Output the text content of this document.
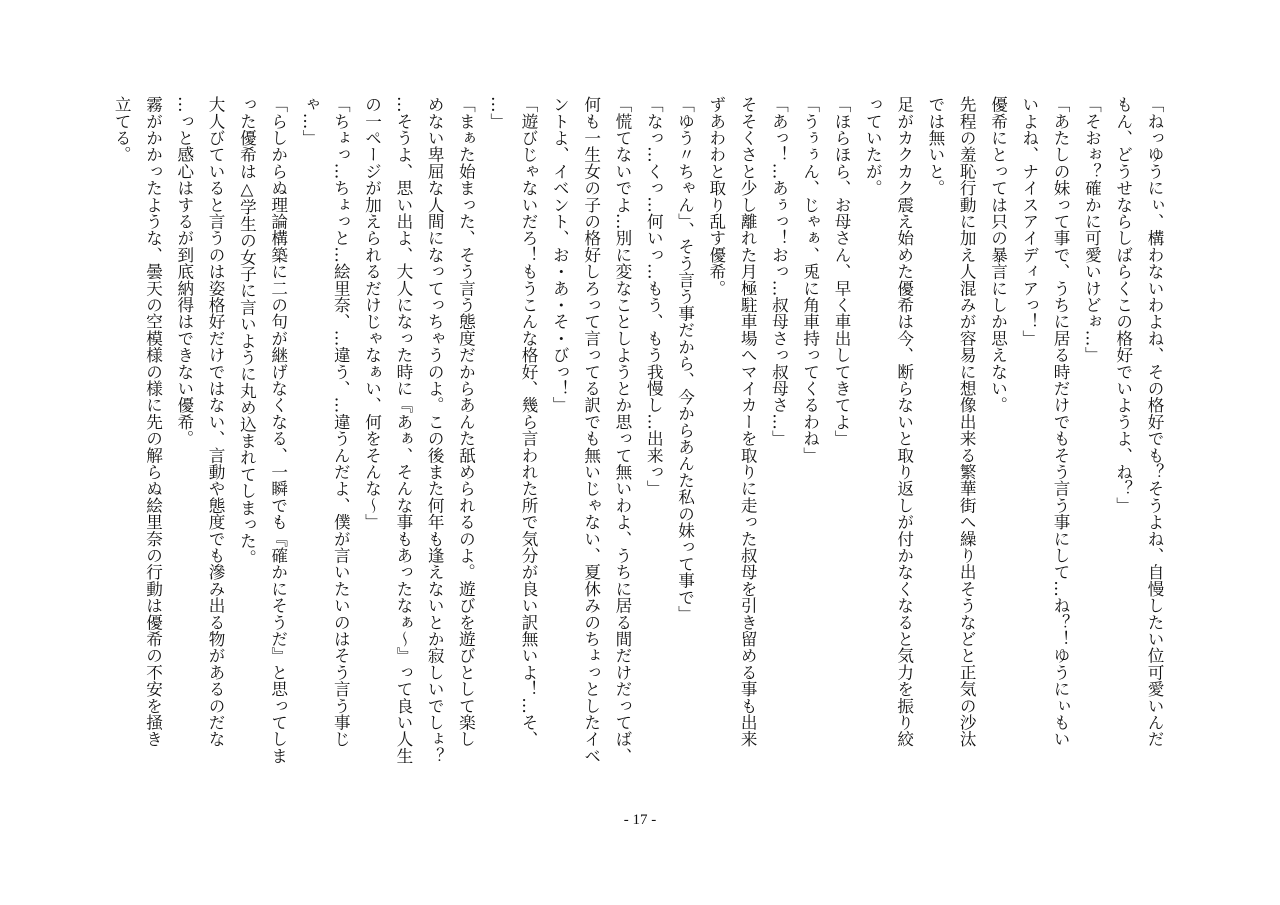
「ねっゆうにぃ、構わないわよね、その格好でも？そうよね、自慢したい位可愛いんだ
もん、どうせならしばらくこの格好でいようよ、ね？」
「そおぉ？確かに可愛いけどぉ…」
「あたしの妹って事で、うちに居る時だけでもそう言う事にして…ね？！ゆうにぃもい
いよね、ナイスアイディアっ！」
優希にとっては只の暴言にしか思えない。
先程の羞恥行動に加え人混みが容易に想像出来る繁華街へ繰り出そうなどと正気の沙汰
では無いと。
足がカクカク震え始めた優希は今、断らないと取り返しが付かなくなると気力を振り絞
っていたが。
「ほらほら、お母さん、早く車出してきてよ」
「うぅぅん、じゃぁ、兎に角車持ってくるわね」
「あっ！…あぅっ！おっ…叔母さっ叔母さ…」
そそくさと少し離れた月極駐車場へマイカーを取りに走った叔母を引き留める事も出来
ずあわわと取り乱す優希。
「ゆう〃ちゃん」、そう言う事だから、今からあんた私の妹って事で」
「なっ…くっ…何いっ…もう、もう我慢し…出来っ」
「慌てないでよ…別に変なことしようとか思って無いわよ、うちに居る間だけだってば、
何も一生女の子の格好しろって言ってる訳でも無いじゃない、夏休みのちょっとしたイベ
ントよ、イベント、お・あ・そ・びっ！」
「遊びじゃないだろ！もうこんな格好、幾ら言われた所で気分が良い訳無いよ！…そ、
…」
「まぁた始まった、そう言う態度だからあんた舐められるのよ。遊びを遊びとして楽し
めない卑屈な人間になってっちゃうのよ。この後また何年も逢えないとか寂しいでしょ？
…そうよ、思い出よ、大人になった時に『あぁ、そんな事もあったなぁ〜』って良い人生
の一ページが加えられるだけじゃなぁい、何をそんな〜」
「ちょっ…ちょっと…絵里奈、…違う、…違うんだよ、僕が言いたいのはそう言う事じ
ゃ…」
「らしからぬ理論構築に二の句が継げなくなる、一瞬でも『確かにそうだ』と思ってしま
った優希は△学生の女子に言いように丸め込まれてしまった。
大人びていると言うのは姿格好だけではない、言動や態度でも滲み出る物があるのだな
…っと感心はするが到底納得はできない優希。
霧がかかったような、曇天の空模様の様に先の解らぬ絵里奈の行動は優希の不安を掻き
立てる。
- 17 -
